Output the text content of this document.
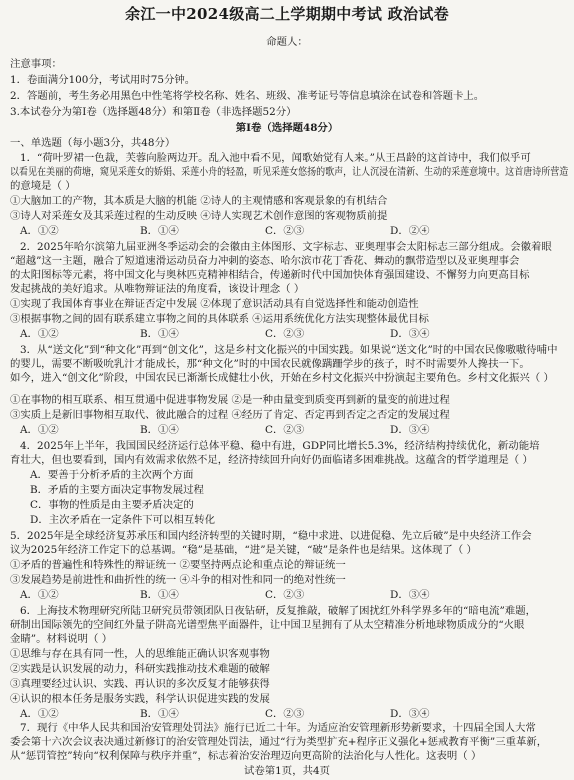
余江一中2024级高二上学期期中考试 政治试卷
命题人：
注意事项：
1．卷面满分100分，考试用时75分钟。
2．答题前，考生务必用黑色中性笔将学校名称、姓名、班级、准考证号等信息填涂在试卷和答题卡上。
3.本试卷分为第Ⅰ卷（选择题48分）和第Ⅱ卷（非选择题52分）
第Ⅰ卷（选择题48分）
一、单选题（每小题3分，共48分）
1．“荷叶罗裙一色裁，芙蓉向脸两边开。乱入池中看不见，闻歌始觉有人来。”从王昌龄的这首诗中，我们似乎可
以看见在美丽的荷塘，窥见采莲女的娇娟、采莲小舟的轻盈，听见采莲女悠扬的歌声，让人沉浸在清新、生动的采莲意境中。这首唐诗所营造
的意境是（ ）
①大脑加工的产物，其本质是大脑的机能 ②诗人的主观情感和客观景象的有机结合
③诗人对采莲女及其采莲过程的生动反映 ④诗人实现艺术创作意图的客观物质前提
A．①②	B．①④	C．②③	D．②④
2．2025年哈尔滨第九届亚洲冬季运动会的会徽由主体图形、文字标志、亚奥理事会太阳标志三部分组成。会徽着眼
“超越”这一主题，融合了短道速滑运动员奋力冲刺的姿态、哈尔滨市花丁香花、舞动的飘带造型以及亚奥理事会
的太阳图标等元素，将中国文化与奥林匹克精神相结合，传递新时代中国加快体育强国建设、不懈努力向更高目标
发起挑战的美好追求。从唯物辩证法的角度看，该设计理念（ ）
①实现了我国体育事业在辩证否定中发展 ②体现了意识活动具有自觉选择性和能动创造性
③根据事物之间的固有联系建立事物之间的具体联系 ④运用系统优化方法实现整体最优目标
A．①②	B．①④	C．②③	D．③④
3．从“送文化”到“种文化”再到“创文化”，这是乡村文化振兴的中国实践。如果说“送文化”时的中国农民像嗷嗷待哺中
的婴儿，需要不断吸吮乳汁才能成长，那“种文化”时的中国农民就像蹒跚学步的孩子，时不时需要外人搀扶一下。
如今，进入“创文化”阶段，中国农民已渐渐长成健壮小伙，开始在乡村文化振兴中扮演起主要角色。乡村文化振兴（ ）
①在事物的相互联系、相互贯通中促进事物发展 ②是一种由量变到质变再到新的量变的前进过程
③实质上是新旧事物相互取代、彼此融合的过程 ④经历了肯定、否定再到否定之否定的发展过程
A．①②	B．①④	C．②③	D．③④
4．2025年上半年，我国国民经济运行总体平稳、稳中有进，GDP同比增长5.3%，经济结构持续优化，新动能培
育壮大，但也要看到，国内有效需求依然不足，经济持续回升向好仍面临诸多困难挑战。这蕴含的哲学道理是（ ）
A．要善于分析矛盾的主次两个方面
B．矛盾的主要方面决定事物发展过程
C．事物的性质是由主要矛盾决定的
D．主次矛盾在一定条件下可以相互转化
5．2025年是全球经济复苏承压和国内经济转型的关键时期，“稳中求进、以进促稳、先立后破”是中央经济工作会
议为2025年经济工作定下的总基调。“稳”是基础，“进”是关键，“破”是条件也是结果。这体现了（ ）
①矛盾的普遍性和特殊性的辩证统一 ②要坚持两点论和重点论的辩证统一
③发展趋势是前进性和曲折性的统一 ④斗争的相对性和同一的绝对性统一
A．①②	B．①④	C．②③	D．③④
6．上海技术物理研究所陆卫研究员带领团队日夜钻研，反复推敲，破解了困扰红外科学界多年的“暗电流”难题，
研制出国际领先的空间红外量子阱高光谱型焦平面器件，让中国卫星拥有了从太空精准分析地球物质成分的“火眼
金睛”。材料说明（ ）
①思维与存在具有同一性，人的思维能正确认识客观事物
②实践是认识发展的动力，科研实践推动技术难题的破解
③真理要经过认识、实践、再认识的多次反复才能够获得
④认识的根本任务是服务实践，科学认识促进实践的发展
A．①②	B．①④	C．②③	D．③④
7．现行《中华人民共和国治安管理处罚法》施行已近二十年。为适应治安管理新形势新要求，十四届全国人大常
委会第十六次会议表决通过新修订的治安管理处罚法，通过“行为类型扩充+程序正义强化+惩戒教育平衡”三重革新，
从“惩罚管控”转向“权利保障与秩序并重”，标志着治安治理迈向更高阶的法治化与人性化。这表明（ ）
试卷第1页，共4页
